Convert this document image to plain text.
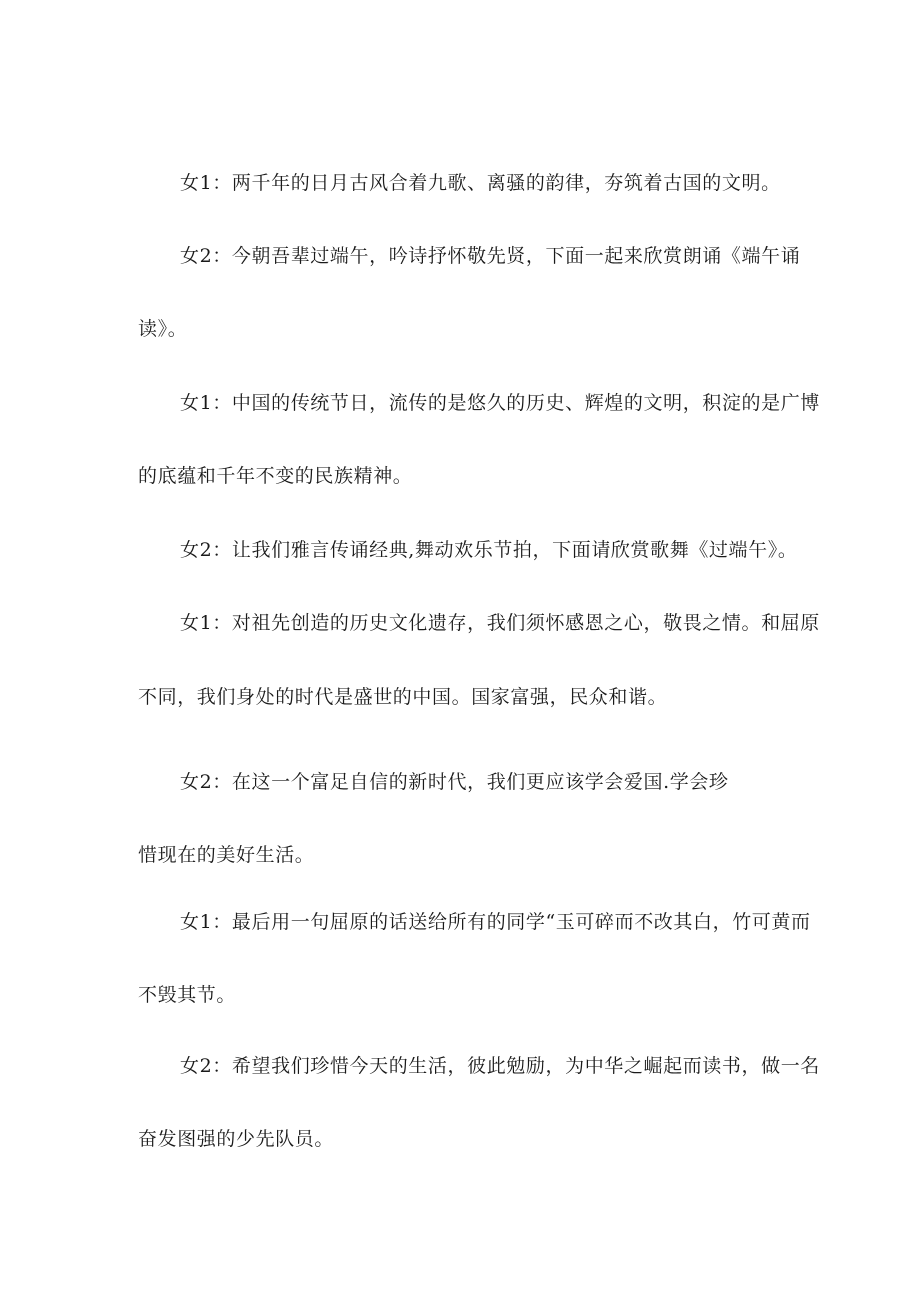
女1：两千年的日月古风合着九歌、离骚的韵律，夯筑着古国的文明。
女2：今朝吾辈过端午，吟诗抒怀敬先贤，下面一起来欣赏朗诵《端午诵
读》。
女1：中国的传统节日，流传的是悠久的历史、辉煌的文明，积淀的是广博
的底蕴和千年不变的民族精神。
女2：让我们雅言传诵经典,舞动欢乐节拍，下面请欣赏歌舞《过端午》。
女1：对祖先创造的历史文化遗存，我们须怀感恩之心，敬畏之情。和屈原
不同，我们身处的时代是盛世的中国。国家富强，民众和谐。
女2：在这一个富足自信的新时代，我们更应该学会爱国.学会珍
惜现在的美好生活。
女1：最后用一句屈原的话送给所有的同学“玉可碎而不改其白，竹可黄而
不毁其节。
女2：希望我们珍惜今天的生活，彼此勉励，为中华之崛起而读书，做一名
奋发图强的少先队员。
